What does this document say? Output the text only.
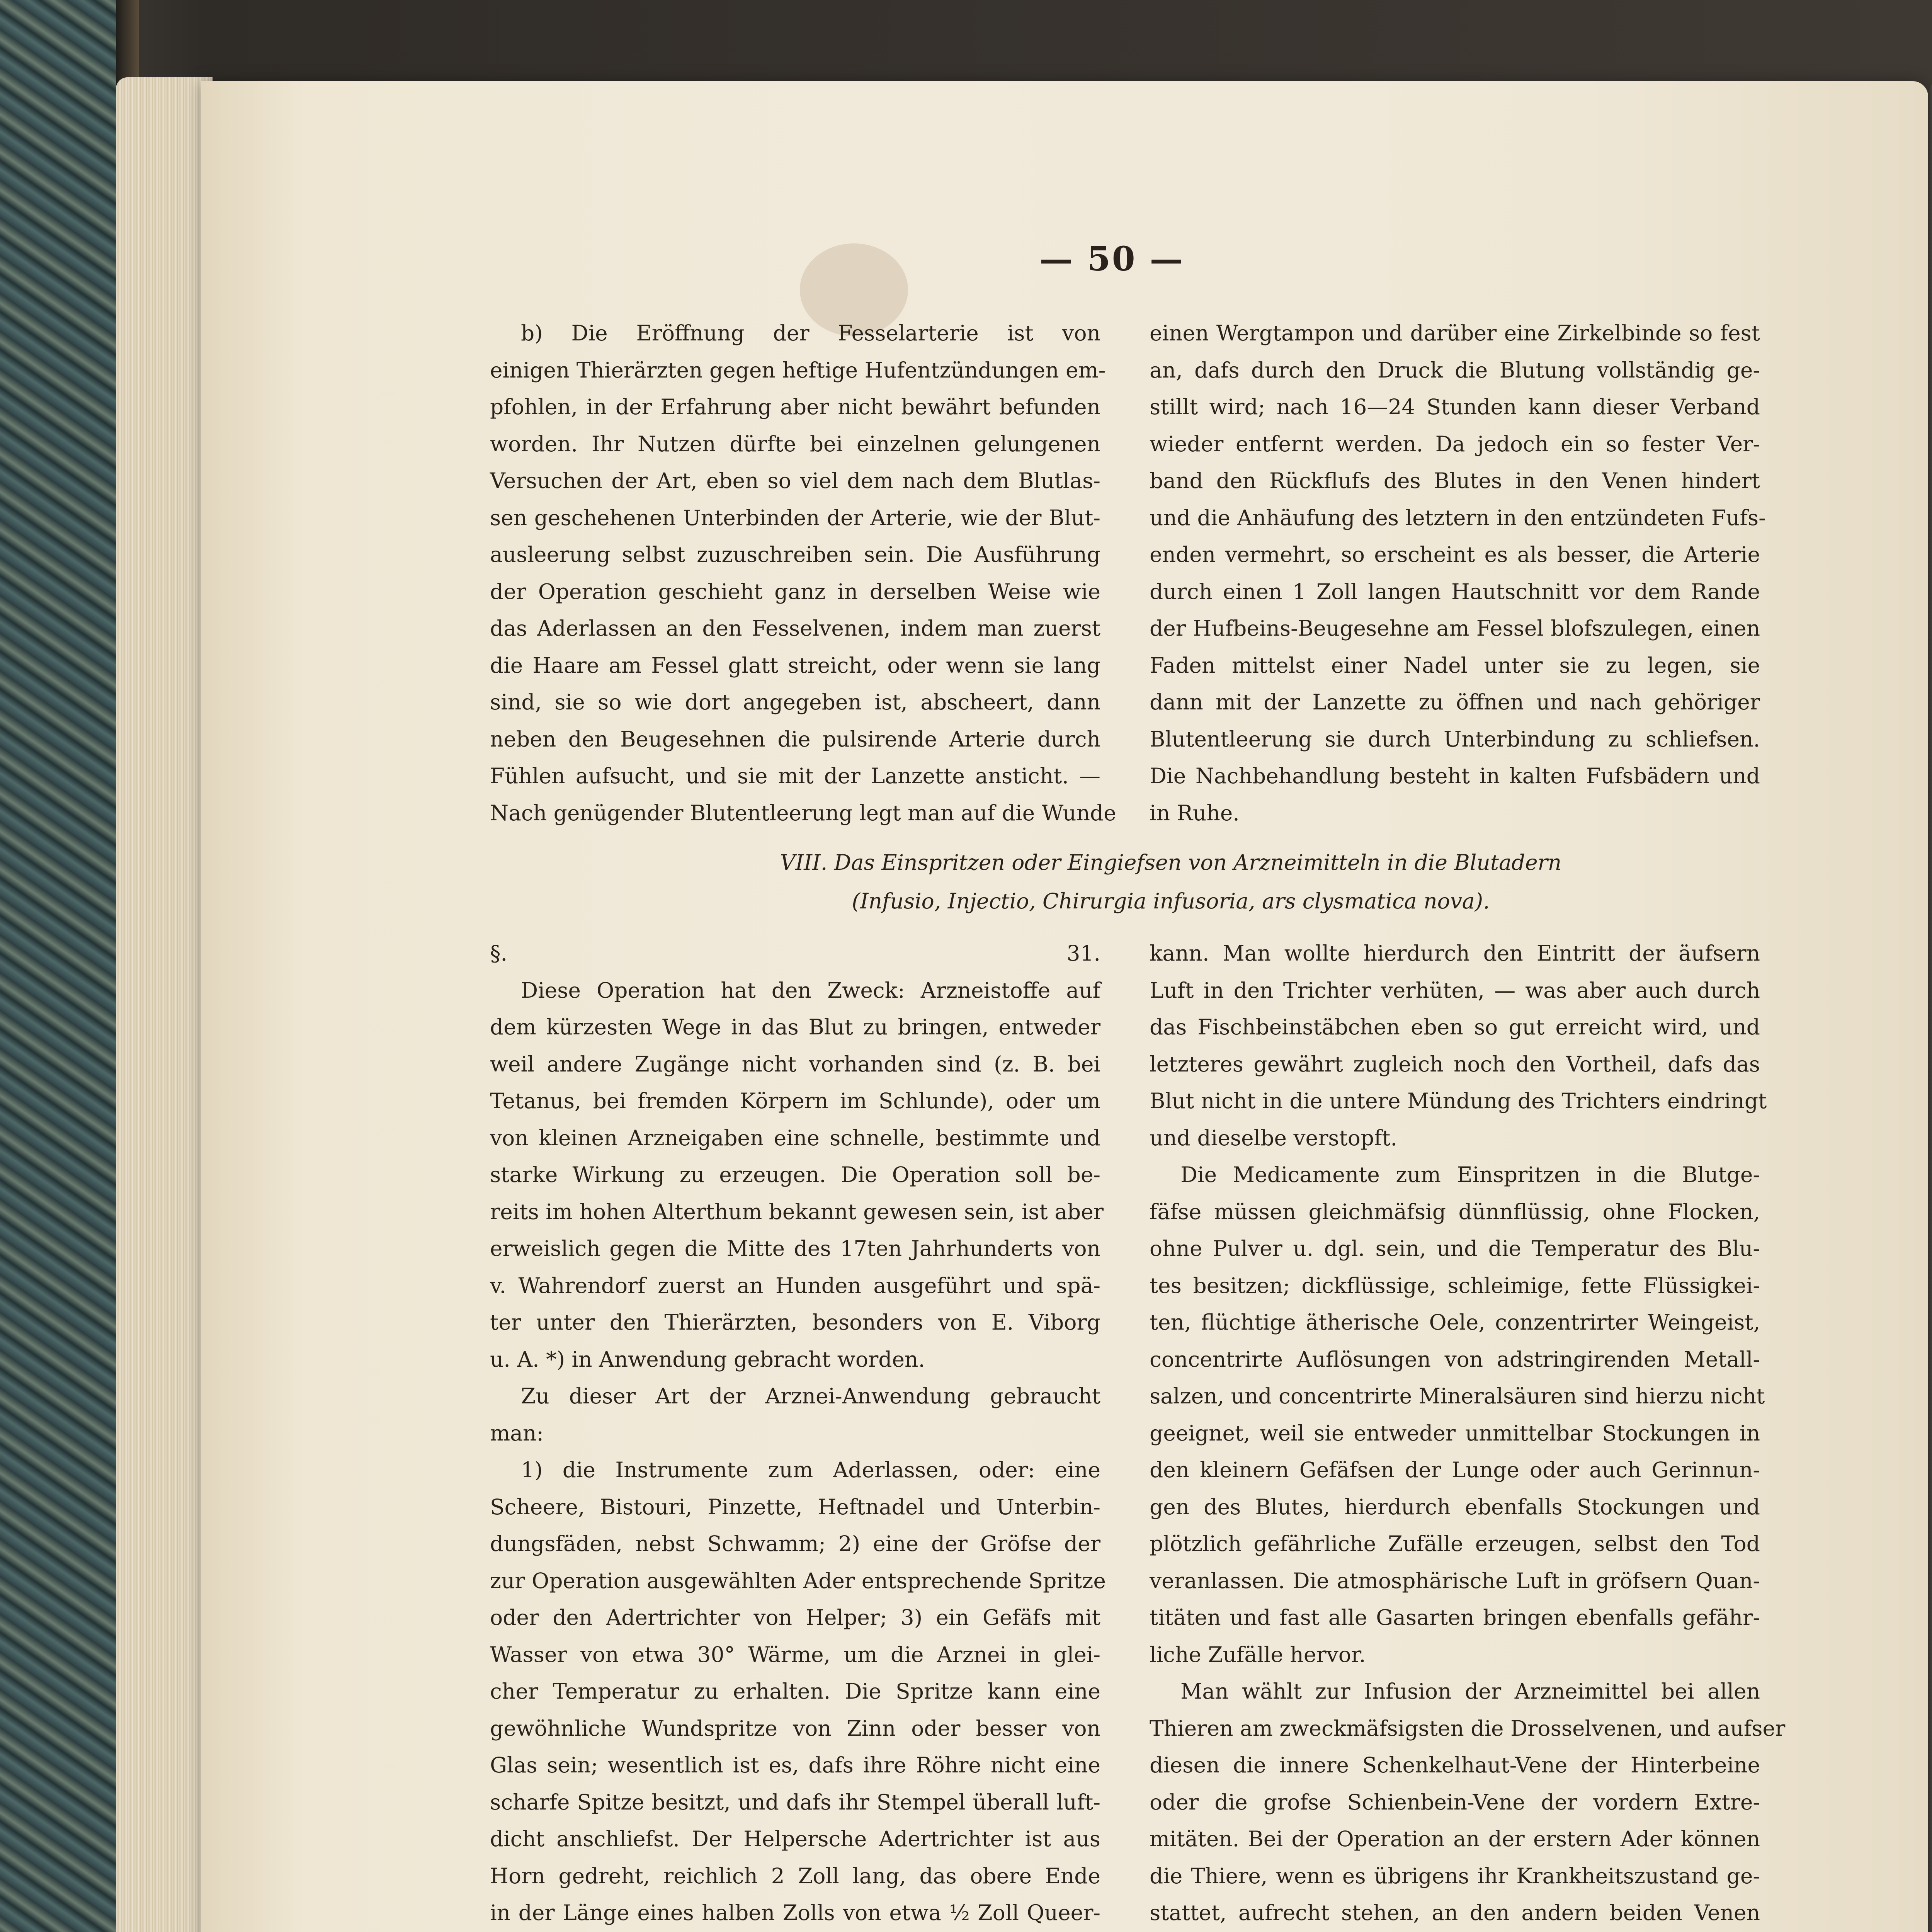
— 50 —
b) Die Eröffnung der Fesselarterie ist von
einigen Thierärzten gegen heftige Hufentzündungen em-
pfohlen, in der Erfahrung aber nicht bewährt befunden
worden. Ihr Nutzen dürfte bei einzelnen gelungenen
Versuchen der Art, eben so viel dem nach dem Blutlas-
sen geschehenen Unterbinden der Arterie, wie der Blut-
ausleerung selbst zuzuschreiben sein. Die Ausführung
der Operation geschieht ganz in derselben Weise wie
das Aderlassen an den Fesselvenen, indem man zuerst
die Haare am Fessel glatt streicht, oder wenn sie lang
sind, sie so wie dort angegeben ist, abscheert, dann
neben den Beugesehnen die pulsirende Arterie durch
Fühlen aufsucht, und sie mit der Lanzette ansticht. —
Nach genügender Blutentleerung legt man auf die Wunde
einen Wergtampon und darüber eine Zirkelbinde so fest
an, dafs durch den Druck die Blutung vollständig ge-
stillt wird; nach 16—24 Stunden kann dieser Verband
wieder entfernt werden. Da jedoch ein so fester Ver-
band den Rückflufs des Blutes in den Venen hindert
und die Anhäufung des letztern in den entzündeten Fufs-
enden vermehrt, so erscheint es als besser, die Arterie
durch einen 1 Zoll langen Hautschnitt vor dem Rande
der Hufbeins-Beugesehne am Fessel blofszulegen, einen
Faden mittelst einer Nadel unter sie zu legen, sie
dann mit der Lanzette zu öffnen und nach gehöriger
Blutentleerung sie durch Unterbindung zu schliefsen.
Die Nachbehandlung besteht in kalten Fufsbädern und
in Ruhe.
VIII. Das Einspritzen oder Eingiefsen von Arzneimitteln in die Blutadern
(Infusio, Injectio, Chirurgia infusoria, ars clysmatica nova).
§. 31.
Diese Operation hat den Zweck: Arzneistoffe auf
dem kürzesten Wege in das Blut zu bringen, entweder
weil andere Zugänge nicht vorhanden sind (z. B. bei
Tetanus, bei fremden Körpern im Schlunde), oder um
von kleinen Arzneigaben eine schnelle, bestimmte und
starke Wirkung zu erzeugen. Die Operation soll be-
reits im hohen Alterthum bekannt gewesen sein, ist aber
erweislich gegen die Mitte des 17ten Jahrhunderts von
v. Wahrendorf zuerst an Hunden ausgeführt und spä-
ter unter den Thierärzten, besonders von E. Viborg
u. A. *) in Anwendung gebracht worden.
Zu dieser Art der Arznei-Anwendung gebraucht
man:
1) die Instrumente zum Aderlassen, oder: eine
Scheere, Bistouri, Pinzette, Heftnadel und Unterbin-
dungsfäden, nebst Schwamm; 2) eine der Gröfse der
zur Operation ausgewählten Ader entsprechende Spritze
oder den Adertrichter von Helper; 3) ein Gefäfs mit
Wasser von etwa 30° Wärme, um die Arznei in glei-
cher Temperatur zu erhalten. Die Spritze kann eine
gewöhnliche Wundspritze von Zinn oder besser von
Glas sein; wesentlich ist es, dafs ihre Röhre nicht eine
scharfe Spitze besitzt, und dafs ihr Stempel überall luft-
dicht anschliefst. Der Helpersche Adertrichter ist aus
Horn gedreht, reichlich 2 Zoll lang, das obere Ende
in der Länge eines halben Zolls von etwa ½ Zoll Queer-
kann. Man wollte hierdurch den Eintritt der äufsern
Luft in den Trichter verhüten, — was aber auch durch
das Fischbeinstäbchen eben so gut erreicht wird, und
letzteres gewährt zugleich noch den Vortheil, dafs das
Blut nicht in die untere Mündung des Trichters eindringt
und dieselbe verstopft.
Die Medicamente zum Einspritzen in die Blutge-
fäfse müssen gleichmäfsig dünnflüssig, ohne Flocken,
ohne Pulver u. dgl. sein, und die Temperatur des Blu-
tes besitzen; dickflüssige, schleimige, fette Flüssigkei-
ten, flüchtige ätherische Oele, conzentrirter Weingeist,
concentrirte Auflösungen von adstringirenden Metall-
salzen, und concentrirte Mineralsäuren sind hierzu nicht
geeignet, weil sie entweder unmittelbar Stockungen in
den kleinern Gefäfsen der Lunge oder auch Gerinnun-
gen des Blutes, hierdurch ebenfalls Stockungen und
plötzlich gefährliche Zufälle erzeugen, selbst den Tod
veranlassen. Die atmosphärische Luft in gröfsern Quan-
titäten und fast alle Gasarten bringen ebenfalls gefähr-
liche Zufälle hervor.
Man wählt zur Infusion der Arzneimittel bei allen
Thieren am zweckmäfsigsten die Drosselvenen, und aufser
diesen die innere Schenkelhaut-Vene der Hinterbeine
oder die grofse Schienbein-Vene der vordern Extre-
mitäten. Bei der Operation an der erstern Ader können
die Thiere, wenn es übrigens ihr Krankheitszustand ge-
stattet, aufrecht stehen, an den andern beiden Venen
